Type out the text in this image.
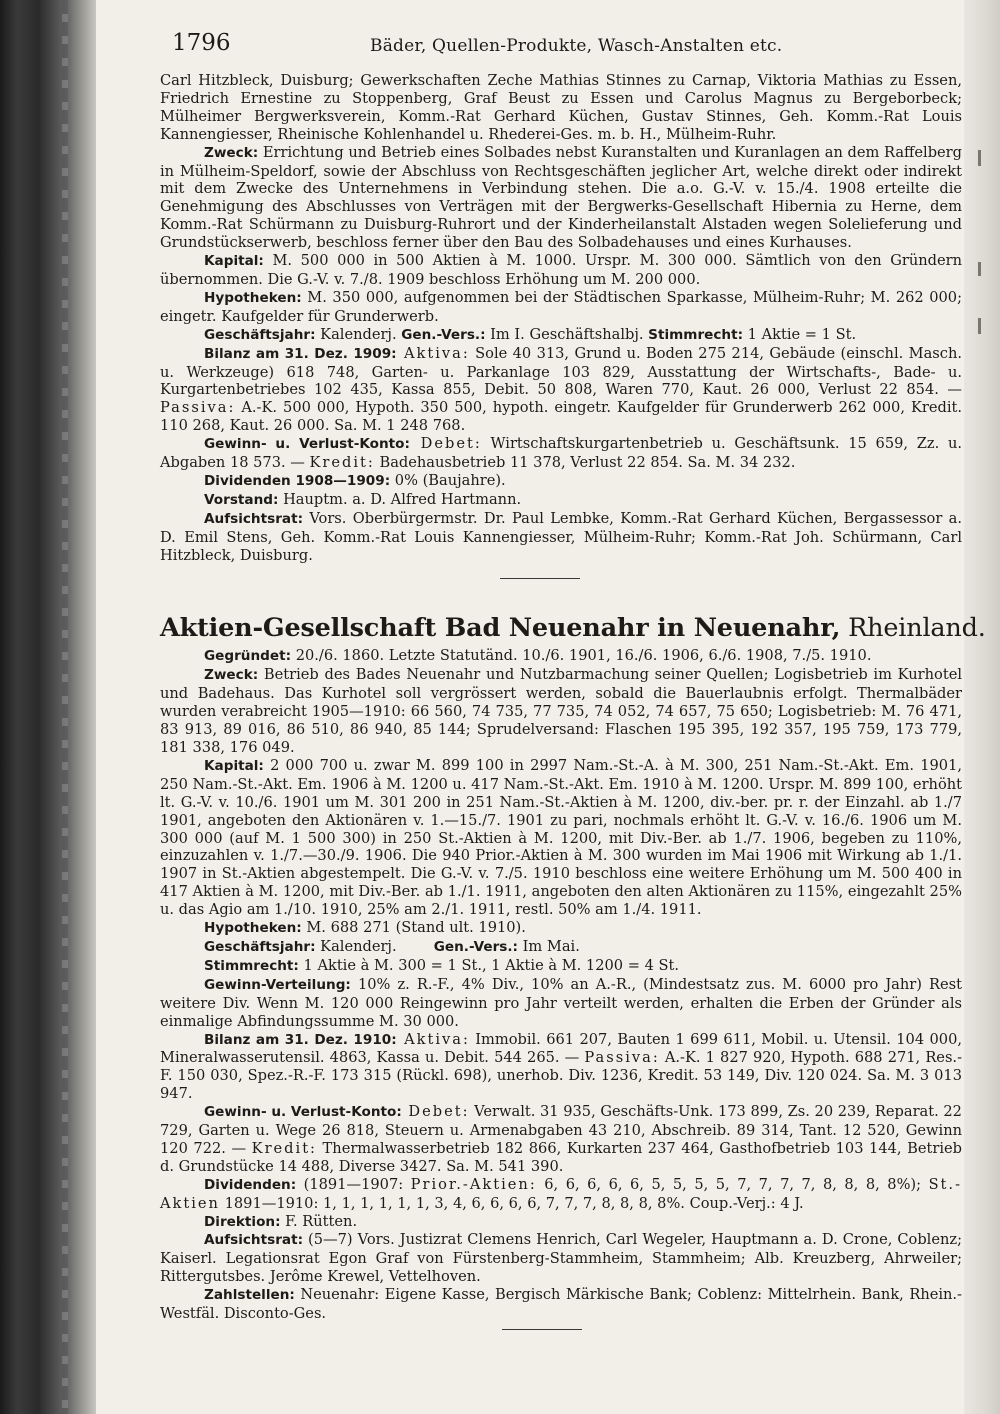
1796	Bäder, Quellen-Produkte, Wasch-Anstalten etc.

Carl Hitzbleck, Duisburg; Gewerkschaften Zeche Mathias Stinnes zu Carnap, Viktoria Mathias zu Essen, Friedrich Ernestine zu Stoppenberg, Graf Beust zu Essen und Carolus Magnus zu Bergeborbeck; Mülheimer Bergwerksverein, Komm.-Rat Gerhard Küchen, Gustav Stinnes, Geh. Komm.-Rat Louis Kannengiesser, Rheinische Kohlenhandel u. Rhederei-Ges. m. b. H., Mülheim-Ruhr.

Zweck: Errichtung und Betrieb eines Solbades nebst Kuranstalten und Kuranlagen an dem Raffelberg in Mülheim-Speldorf, sowie der Abschluss von Rechtsgeschäften jeglicher Art, welche direkt oder indirekt mit dem Zwecke des Unternehmens in Verbindung stehen. Die a.o. G.-V. v. 15./4. 1908 erteilte die Genehmigung des Abschlusses von Verträgen mit der Bergwerks-Gesellschaft Hibernia zu Herne, dem Komm.-Rat Schürmann zu Duisburg-Ruhrort und der Kinderheilanstalt Alstaden wegen Solelieferung und Grundstückserwerb, beschloss ferner über den Bau des Solbadehauses und eines Kurhauses.

Kapital: M. 500 000 in 500 Aktien à M. 1000. Urspr. M. 300 000. Sämtlich von den Gründern übernommen. Die G.-V. v. 7./8. 1909 beschloss Erhöhung um M. 200 000.

Hypotheken: M. 350 000, aufgenommen bei der Städtischen Sparkasse, Mülheim-Ruhr; M. 262 000; eingetr. Kaufgelder für Grunderwerb.

Geschäftsjahr: Kalenderj. Gen.-Vers.: Im I. Geschäftshalbj. Stimmrecht: 1 Aktie = 1 St.

Bilanz am 31. Dez. 1909: Aktiva: Sole 40 313, Grund u. Boden 275 214, Gebäude (einschl. Masch. u. Werkzeuge) 618 748, Garten- u. Parkanlage 103 829, Ausstattung der Wirtschafts-, Bade- u. Kurgartenbetriebes 102 435, Kassa 855, Debit. 50 808, Waren 770, Kaut. 26 000, Verlust 22 854. — Passiva: A.-K. 500 000, Hypoth. 350 500, hypoth. eingetr. Kaufgelder für Grunderwerb 262 000, Kredit. 110 268, Kaut. 26 000. Sa. M. 1 248 768.

Gewinn- u. Verlust-Konto: Debet: Wirtschaftskurgartenbetrieb u. Geschäftsunk. 15 659, Zz. u. Abgaben 18 573. — Kredit: Badehausbetrieb 11 378, Verlust 22 854. Sa. M. 34 232.

Dividenden 1908—1909: 0% (Baujahre).

Vorstand: Hauptm. a. D. Alfred Hartmann.

Aufsichtsrat: Vors. Oberbürgermstr. Dr. Paul Lembke, Komm.-Rat Gerhard Küchen, Bergassessor a. D. Emil Stens, Geh. Komm.-Rat Louis Kannengiesser, Mülheim-Ruhr; Komm.-Rat Joh. Schürmann, Carl Hitzbleck, Duisburg.

Aktien-Gesellschaft Bad Neuenahr in Neuenahr, Rheinland.

Gegründet: 20./6. 1860. Letzte Statutänd. 10./6. 1901, 16./6. 1906, 6./6. 1908, 7./5. 1910.

Zweck: Betrieb des Bades Neuenahr und Nutzbarmachung seiner Quellen; Logisbetrieb im Kurhotel und Badehaus. Das Kurhotel soll vergrössert werden, sobald die Bauerlaubnis erfolgt. Thermalbäder wurden verabreicht 1905—1910: 66 560, 74 735, 77 735, 74 052, 74 657, 75 650; Logisbetrieb: M. 76 471, 83 913, 89 016, 86 510, 86 940, 85 144; Sprudelversand: Flaschen 195 395, 192 357, 195 759, 173 779, 181 338, 176 049.

Kapital: 2 000 700 u. zwar M. 899 100 in 2997 Nam.-St.-A. à M. 300, 251 Nam.-St.-Akt. Em. 1901, 250 Nam.-St.-Akt. Em. 1906 à M. 1200 u. 417 Nam.-St.-Akt. Em. 1910 à M. 1200. Urspr. M. 899 100, erhöht lt. G.-V. v. 10./6. 1901 um M. 301 200 in 251 Nam.-St.-Aktien à M. 1200, div.-ber. pr. r. der Einzahl. ab 1./7 1901, angeboten den Aktionären v. 1.—15./7. 1901 zu pari, nochmals erhöht lt. G.-V. v. 16./6. 1906 um M. 300 000 (auf M. 1 500 300) in 250 St.-Aktien à M. 1200, mit Div.-Ber. ab 1./7. 1906, begeben zu 110%, einzuzahlen v. 1./7.—30./9. 1906. Die 940 Prior.-Aktien à M. 300 wurden im Mai 1906 mit Wirkung ab 1./1. 1907 in St.-Aktien abgestempelt. Die G.-V. v. 7./5. 1910 beschloss eine weitere Erhöhung um M. 500 400 in 417 Aktien à M. 1200, mit Div.-Ber. ab 1./1. 1911, angeboten den alten Aktionären zu 115%, eingezahlt 25% u. das Agio am 1./10. 1910, 25% am 2./1. 1911, restl. 50% am 1./4. 1911.

Hypotheken: M. 688 271 (Stand ult. 1910).

Geschäftsjahr: Kalenderj.	Gen.-Vers.: Im Mai.

Stimmrecht: 1 Aktie à M. 300 = 1 St., 1 Aktie à M. 1200 = 4 St.

Gewinn-Verteilung: 10% z. R.-F., 4% Div., 10% an A.-R., (Mindestsatz zus. M. 6000 pro Jahr) Rest weitere Div. Wenn M. 120 000 Reingewinn pro Jahr verteilt werden, erhalten die Erben der Gründer als einmalige Abfindungssumme M. 30 000.

Bilanz am 31. Dez. 1910: Aktiva: Immobil. 661 207, Bauten 1 699 611, Mobil. u. Utensil. 104 000, Mineralwasserutensil. 4863, Kassa u. Debit. 544 265. — Passiva: A.-K. 1 827 920, Hypoth. 688 271, Res.-F. 150 030, Spez.-R.-F. 173 315 (Rückl. 698), unerhob. Div. 1236, Kredit. 53 149, Div. 120 024. Sa. M. 3 013 947.

Gewinn- u. Verlust-Konto: Debet: Verwalt. 31 935, Geschäfts-Unk. 173 899, Zs. 20 239, Reparat. 22 729, Garten u. Wege 26 818, Steuern u. Armenabgaben 43 210, Abschreib. 89 314, Tant. 12 520, Gewinn 120 722. — Kredit: Thermalwasserbetrieb 182 866, Kurkarten 237 464, Gasthofbetrieb 103 144, Betrieb d. Grundstücke 14 488, Diverse 3427. Sa. M. 541 390.

Dividenden: (1891—1907: Prior.-Aktien: 6, 6, 6, 6, 6, 5, 5, 5, 5, 7, 7, 7, 7, 8, 8, 8, 8%); St.-Aktien 1891—1910: 1, 1, 1, 1, 1, 1, 3, 4, 6, 6, 6, 6, 7, 7, 7, 8, 8, 8, 8%. Coup.-Verj.: 4 J.

Direktion: F. Rütten.

Aufsichtsrat: (5—7) Vors. Justizrat Clemens Henrich, Carl Wegeler, Hauptmann a. D. Crone, Coblenz; Kaiserl. Legationsrat Egon Graf von Fürstenberg-Stammheim, Stammheim; Alb. Kreuzberg, Ahrweiler; Rittergutsbes. Jerôme Krewel, Vettelhoven.

Zahlstellen: Neuenahr: Eigene Kasse, Bergisch Märkische Bank; Coblenz: Mittelrhein. Bank, Rhein.-Westfäl. Disconto-Ges.
